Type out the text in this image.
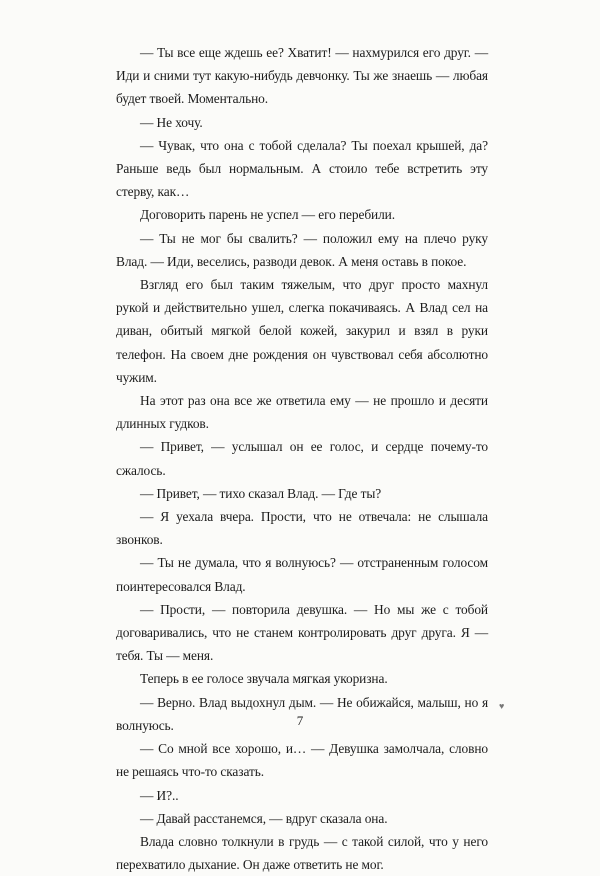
— Ты все еще ждешь ее? Хватит! — нахмурился его друг. — Иди и сними тут какую-нибудь девчонку. Ты же знаешь — любая будет твоей. Моментально.

— Не хочу.

— Чувак, что она с тобой сделала? Ты поехал крышей, да? Раньше ведь был нормальным. А стоило тебе встретить эту стерву, как…

Договорить парень не успел — его перебили.

— Ты не мог бы свалить? — положил ему на плечо руку Влад. — Иди, веселись, разводи девок. А меня оставь в покое.

Взгляд его был таким тяжелым, что друг просто махнул рукой и действительно ушел, слегка покачиваясь. А Влад сел на диван, обитый мягкой белой кожей, закурил и взял в руки телефон. На своем дне рождения он чувствовал себя абсолютно чужим.

На этот раз она все же ответила ему — не прошло и десяти длинных гудков.

— Привет, — услышал он ее голос, и сердце почему-то сжалось.

— Привет, — тихо сказал Влад. — Где ты?

— Я уехала вчера. Прости, что не отвечала: не слышала звонков.

— Ты не думала, что я волнуюсь? — отстраненным голосом поинтересовался Влад.

— Прости, — повторила девушка. — Но мы же с тобой договаривались, что не станем контролировать друг друга. Я — тебя. Ты — меня.

Теперь в ее голосе звучала мягкая укоризна.

— Верно. Влад выдохнул дым. — Не обижайся, малыш, но я волнуюсь.

— Со мной все хорошо, и… — Девушка замолчала, словно не решаясь что-то сказать.

— И?..

— Давай расстанемся, — вдруг сказала она.

Влада словно толкнули в грудь — с такой силой, что у него перехватило дыхание. Он даже ответить не мог.

♥
7
